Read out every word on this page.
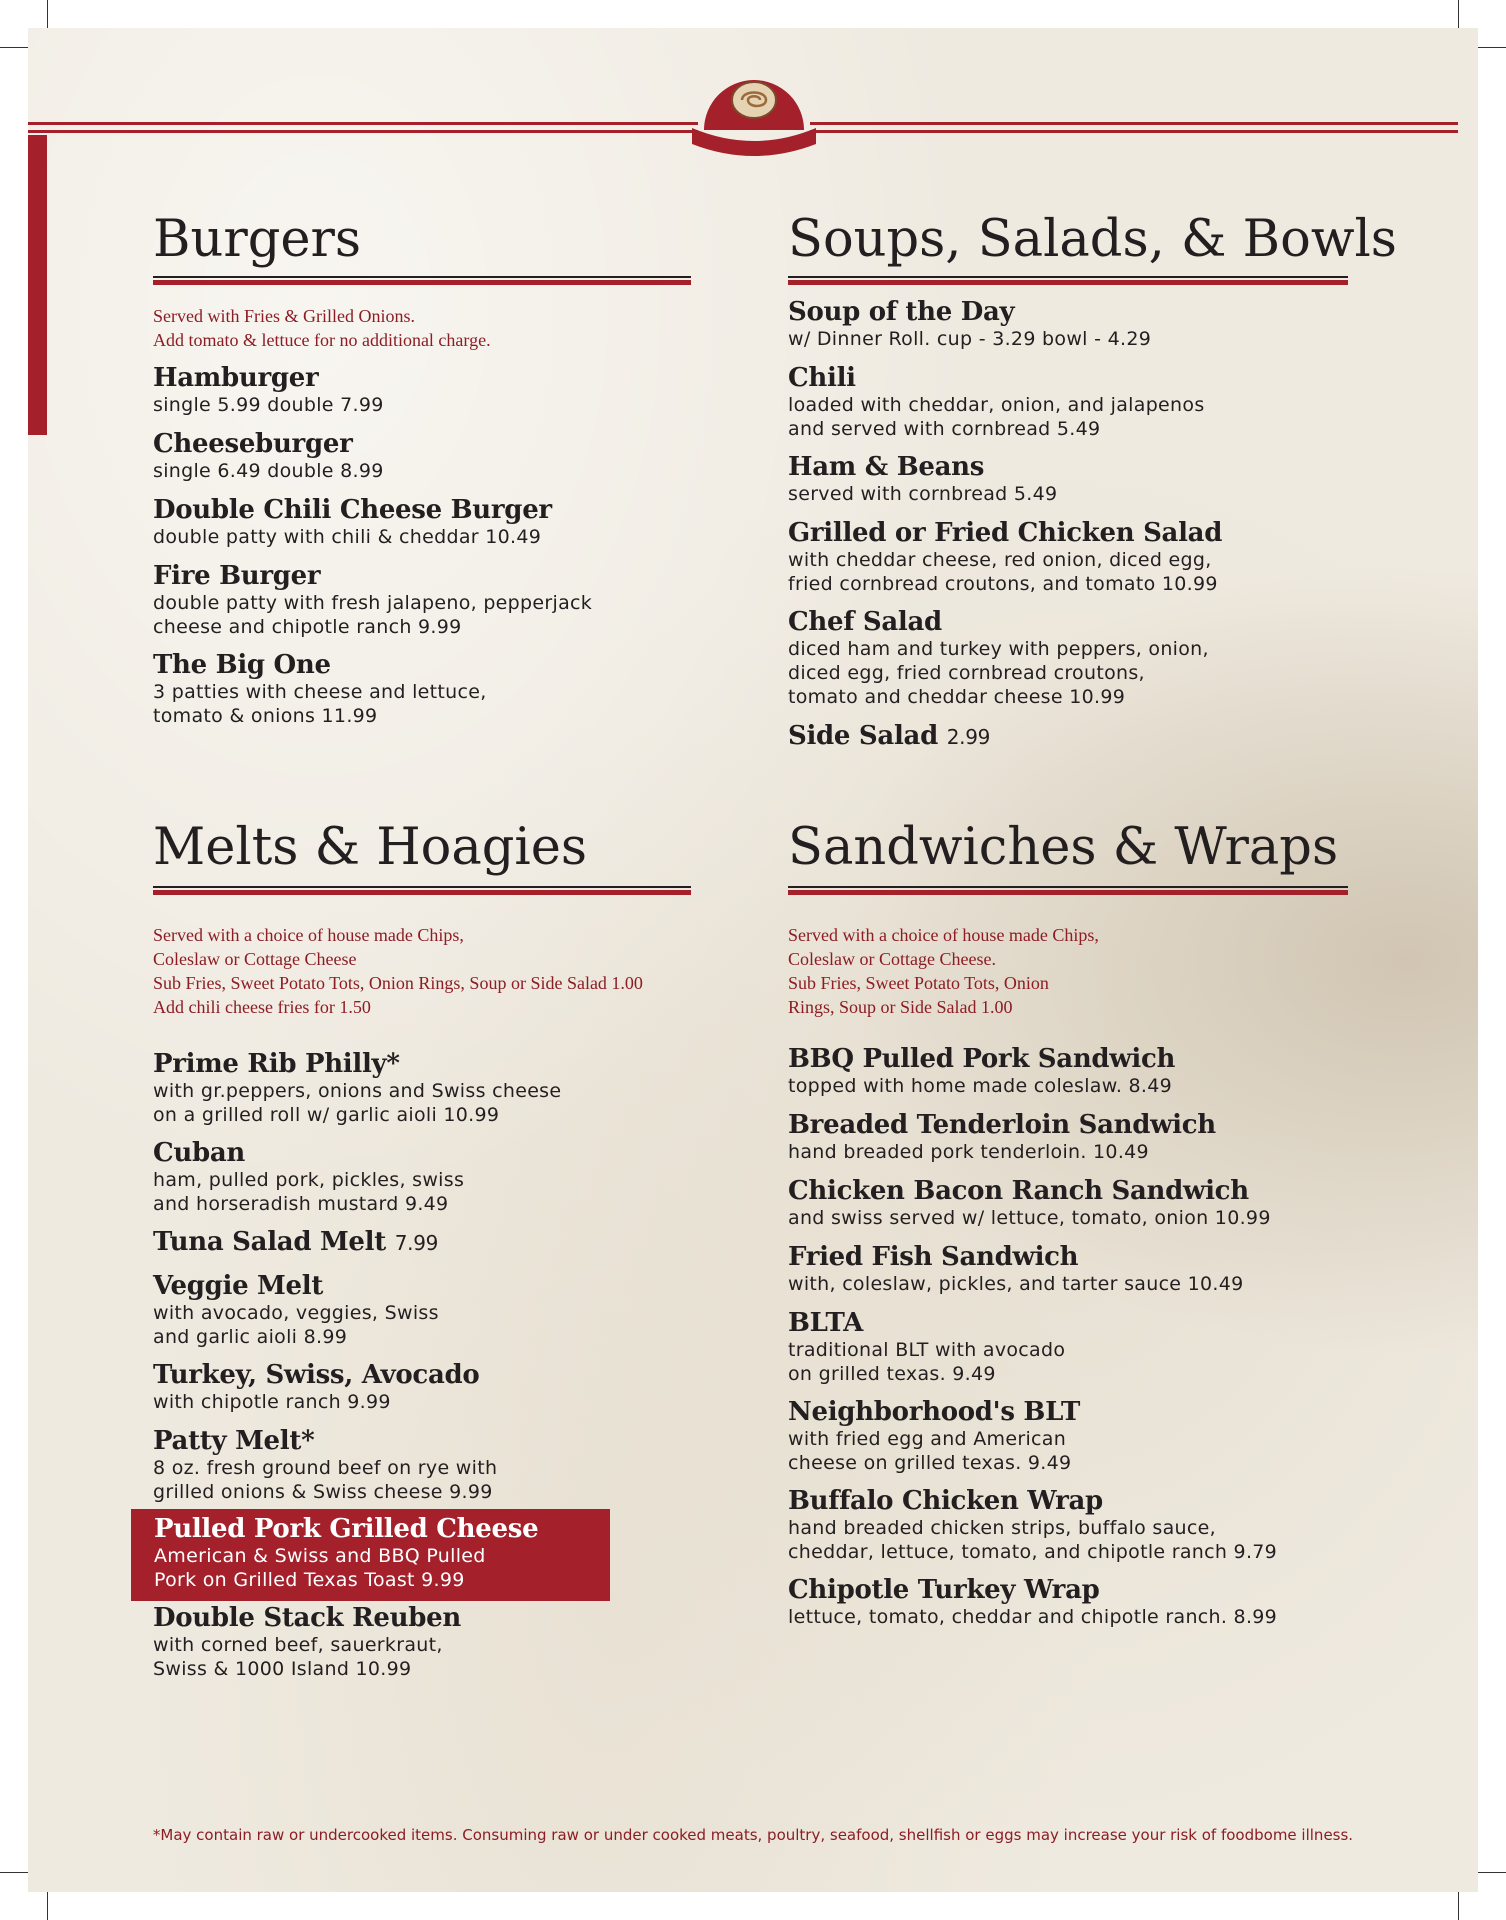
Burgers
Served with Fries & Grilled Onions.
Add tomato & lettuce for no additional charge.
Hamburger
single 5.99 double 7.99
Cheeseburger
single 6.49 double 8.99
Double Chili Cheese Burger
double patty with chili & cheddar 10.49
Fire Burger
double patty with fresh jalapeno, pepperjack
cheese and chipotle ranch 9.99
The Big One
3 patties with cheese and lettuce,
tomato & onions 11.99
Soups, Salads, & Bowls
Soup of the Day
w/ Dinner Roll. cup - 3.29 bowl - 4.29
Chili
loaded with cheddar, onion, and jalapenos
and served with cornbread 5.49
Ham & Beans
served with cornbread 5.49
Grilled or Fried Chicken Salad
with cheddar cheese, red onion, diced egg,
fried cornbread croutons, and tomato 10.99
Chef Salad
diced ham and turkey with peppers, onion,
diced egg, fried cornbread croutons,
tomato and cheddar cheese 10.99
Side Salad 2.99
Melts & Hoagies
Served with a choice of house made Chips,
Coleslaw or Cottage Cheese
Sub Fries, Sweet Potato Tots, Onion Rings, Soup or Side Salad 1.00
Add chili cheese fries for 1.50
Prime Rib Philly*
with gr.peppers, onions and Swiss cheese
on a grilled roll w/ garlic aioli 10.99
Cuban
ham, pulled pork, pickles, swiss
and horseradish mustard 9.49
Tuna Salad Melt 7.99
Veggie Melt
with avocado, veggies, Swiss
and garlic aioli 8.99
Turkey, Swiss, Avocado
with chipotle ranch 9.99
Patty Melt*
8 oz. fresh ground beef on rye with
grilled onions & Swiss cheese 9.99
Pulled Pork Grilled Cheese
American & Swiss and BBQ Pulled
Pork on Grilled Texas Toast 9.99
Double Stack Reuben
with corned beef, sauerkraut,
Swiss & 1000 Island 10.99
Sandwiches & Wraps
Served with a choice of house made Chips,
Coleslaw or Cottage Cheese.
Sub Fries, Sweet Potato Tots, Onion
Rings, Soup or Side Salad 1.00
BBQ Pulled Pork Sandwich
topped with home made coleslaw. 8.49
Breaded Tenderloin Sandwich
hand breaded pork tenderloin. 10.49
Chicken Bacon Ranch Sandwich
and swiss served w/ lettuce, tomato, onion 10.99
Fried Fish Sandwich
with, coleslaw, pickles, and tarter sauce 10.49
BLTA
traditional BLT with avocado
on grilled texas. 9.49
Neighborhood's BLT
with fried egg and American
cheese on grilled texas. 9.49
Buffalo Chicken Wrap
hand breaded chicken strips, buffalo sauce,
cheddar, lettuce, tomato, and chipotle ranch 9.79
Chipotle Turkey Wrap
lettuce, tomato, cheddar and chipotle ranch. 8.99

*May contain raw or undercooked items. Consuming raw or under cooked meats, poultry, seafood, shellfish or eggs may increase your risk of foodbome illness.
